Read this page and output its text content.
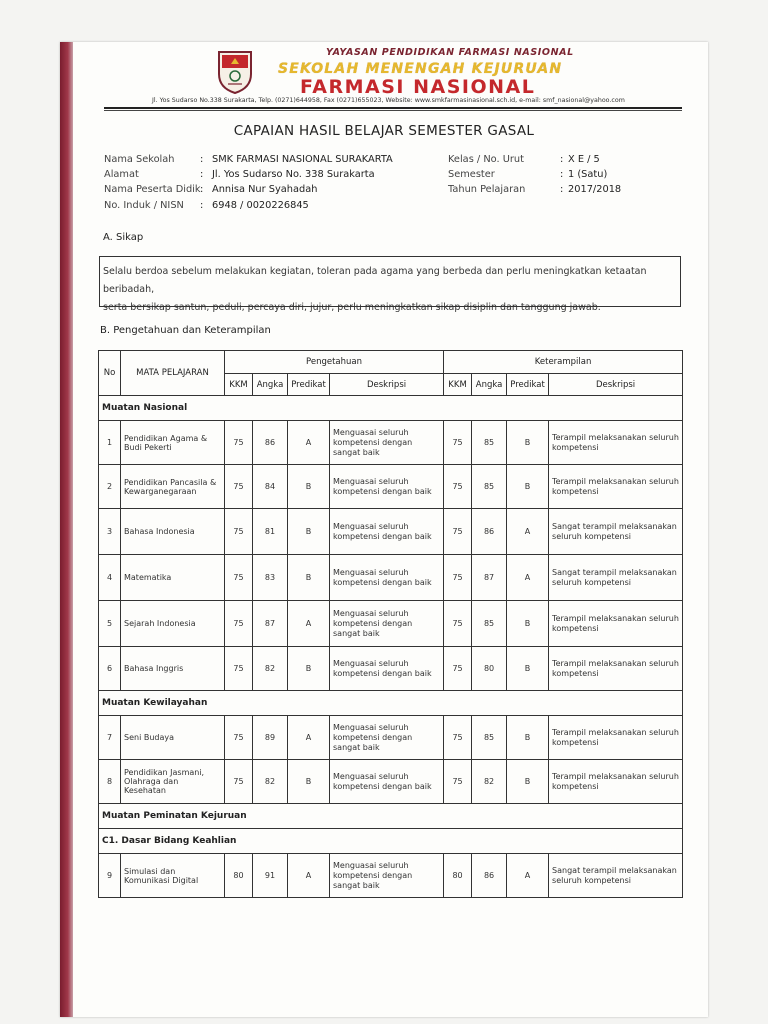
YAYASAN PENDIDIKAN FARMASI NASIONAL
SEKOLAH MENENGAH KEJURUAN
FARMASI NASIONAL
Jl. Yos Sudarso No.338 Surakarta, Telp. (0271)644958, Fax (0271)655023, Website: www.smkfarmasinasional.sch.id, e-mail: smf_nasional@yahoo.com
CAPAIAN HASIL BELAJAR SEMESTER GASAL
Nama Sekolah	: SMK FARMASI NASIONAL SURAKARTA
Alamat	: Jl. Yos Sudarso No. 338 Surakarta
Nama Peserta Didik: Annisa Nur Syahadah
No. Induk / NISN : 6948 / 0020226845
Kelas / No. Urut	: X E / 5
Semester	: 1 (Satu)
Tahun Pelajaran	: 2017/2018
A. Sikap
Selalu berdoa sebelum melakukan kegiatan, toleran pada agama yang berbeda dan perlu meningkatkan ketaatan beribadah,
serta bersikap santun, peduli, percaya diri, jujur, perlu meningkatkan sikap disiplin dan tanggung jawab.
B. Pengetahuan dan Keterampilan
No	MATA PELAJARAN	Pengetahuan				Keterampilan			
		KKM	Angka	Predikat	Deskripsi	KKM	Angka	Predikat	Deskripsi
Muatan Nasional									
1	Pendidikan Agama & Budi Pekerti	75	86	A	Menguasai seluruh kompetensi dengan sangat baik	75	85	B	Terampil melaksanakan seluruh kompetensi
2	Pendidikan Pancasila & Kewarganegaraan	75	84	B	Menguasai seluruh kompetensi dengan baik	75	85	B	Terampil melaksanakan seluruh kompetensi
3	Bahasa Indonesia	75	81	B	Menguasai seluruh kompetensi dengan baik	75	86	A	Sangat terampil melaksanakan seluruh kompetensi
4	Matematika	75	83	B	Menguasai seluruh kompetensi dengan baik	75	87	A	Sangat terampil melaksanakan seluruh kompetensi
5	Sejarah Indonesia	75	87	A	Menguasai seluruh kompetensi dengan sangat baik	75	85	B	Terampil melaksanakan seluruh kompetensi
6	Bahasa Inggris	75	82	B	Menguasai seluruh kompetensi dengan baik	75	80	B	Terampil melaksanakan seluruh kompetensi
Muatan Kewilayahan									
7	Seni Budaya	75	89	A	Menguasai seluruh kompetensi dengan sangat baik	75	85	B	Terampil melaksanakan seluruh kompetensi
8	Pendidikan Jasmani, Olahraga dan Kesehatan	75	82	B	Menguasai seluruh kompetensi dengan baik	75	82	B	Terampil melaksanakan seluruh kompetensi
Muatan Peminatan Kejuruan									
C1. Dasar Bidang Keahlian									
9	Simulasi dan Komunikasi Digital	80	91	A	Menguasai seluruh kompetensi dengan sangat baik	80	86	A	Sangat terampil melaksanakan seluruh kompetensi
